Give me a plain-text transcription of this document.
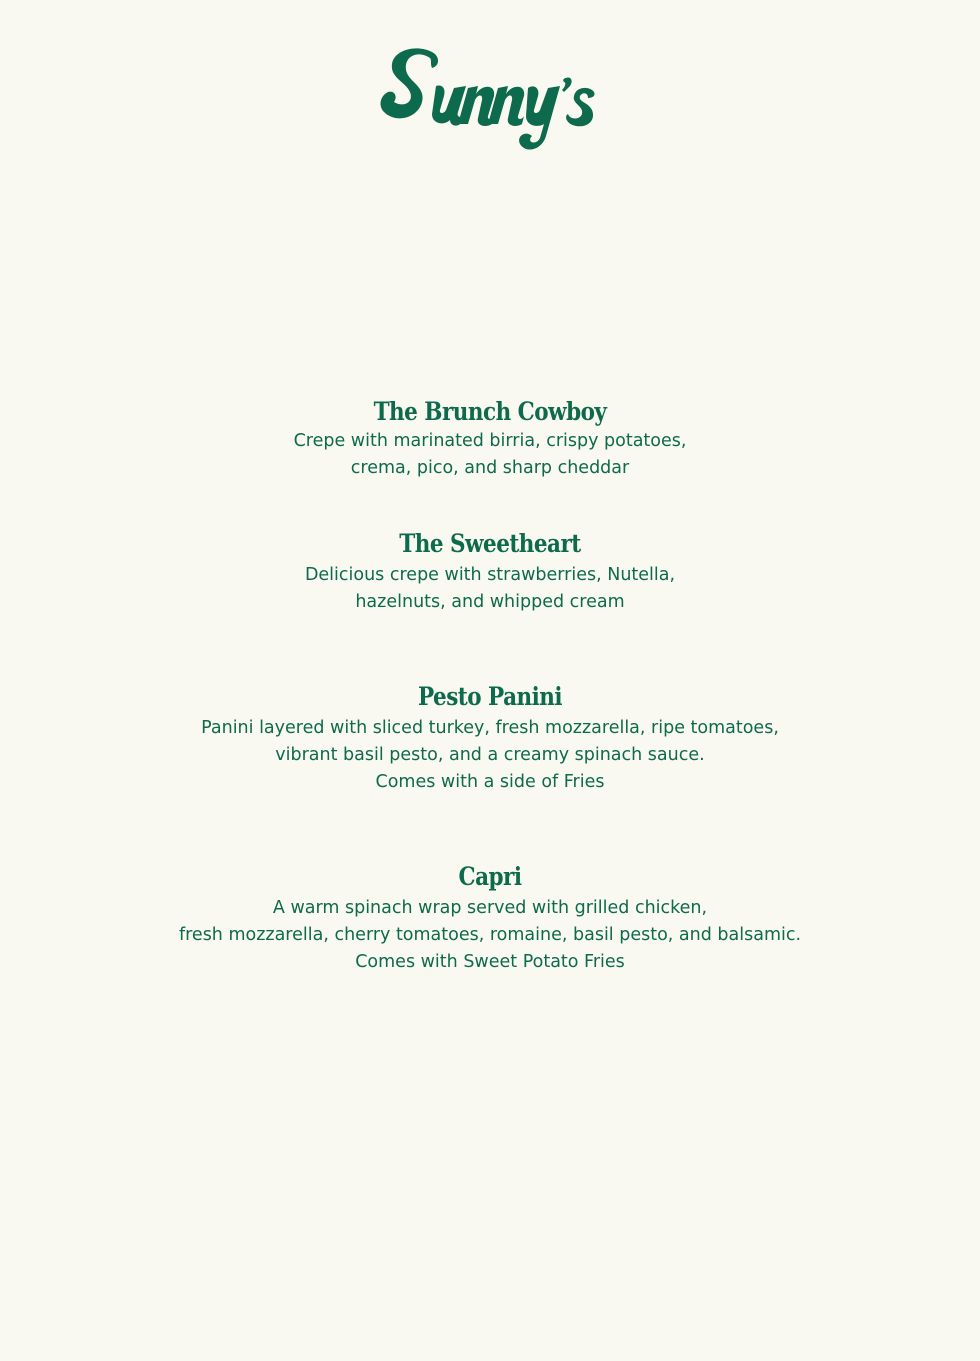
The Brunch Cowboy

Crepe with marinated birria, crispy potatoes,
crema, pico, and sharp cheddar

The Sweetheart

Delicious crepe with strawberries, Nutella,
hazelnuts, and whipped cream

Pesto Panini

Panini layered with sliced turkey, fresh mozzarella, ripe tomatoes,
vibrant basil pesto, and a creamy spinach sauce.
Comes with a side of Fries

Capri

A warm spinach wrap served with grilled chicken,
fresh mozzarella, cherry tomatoes, romaine, basil pesto, and balsamic.
Comes with Sweet Potato Fries
